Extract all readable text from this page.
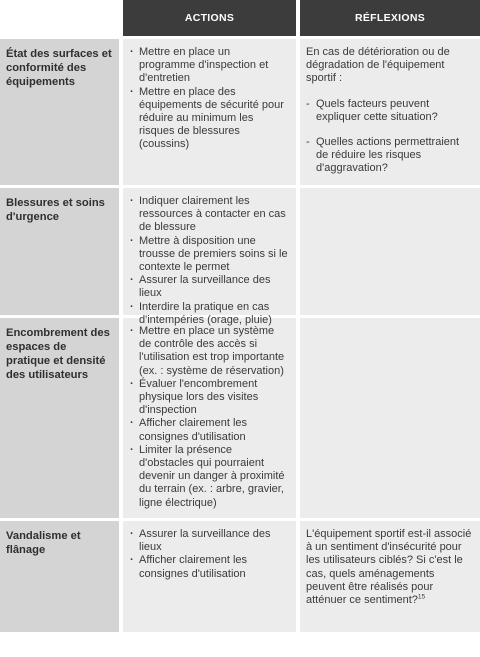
ACTIONS	RÉFLEXIONS
État des surfaces et conformité des équipements
· Mettre en place un programme d'inspection et d'entretien
· Mettre en place des équipements de sécurité pour réduire au minimum les risques de blessures (coussins)
En cas de détérioration ou de dégradation de l'équipement sportif :
- Quels facteurs peuvent expliquer cette situation?
- Quelles actions permettraient de réduire les risques d'aggravation?
Blessures et soins d'urgence
· Indiquer clairement les ressources à contacter en cas de blessure
· Mettre à disposition une trousse de premiers soins si le contexte le permet
· Assurer la surveillance des lieux
· Interdire la pratique en cas d'intempéries (orage, pluie)
Encombrement des espaces de pratique et densité des utilisateurs
· Mettre en place un système de contrôle des accès si l'utilisation est trop importante (ex. : système de réservation)
· Évaluer l'encombrement physique lors des visites d'inspection
· Afficher clairement les consignes d'utilisation
· Limiter la présence d'obstacles qui pourraient devenir un danger à proximité du terrain (ex. : arbre, gravier, ligne électrique)
Vandalisme et flânage
· Assurer la surveillance des lieux
· Afficher clairement les consignes d'utilisation
L'équipement sportif est-il associé à un sentiment d'insécurité pour les utilisateurs ciblés? Si c'est le cas, quels aménagements peuvent être réalisés pour atténuer ce sentiment?$^{15}$
